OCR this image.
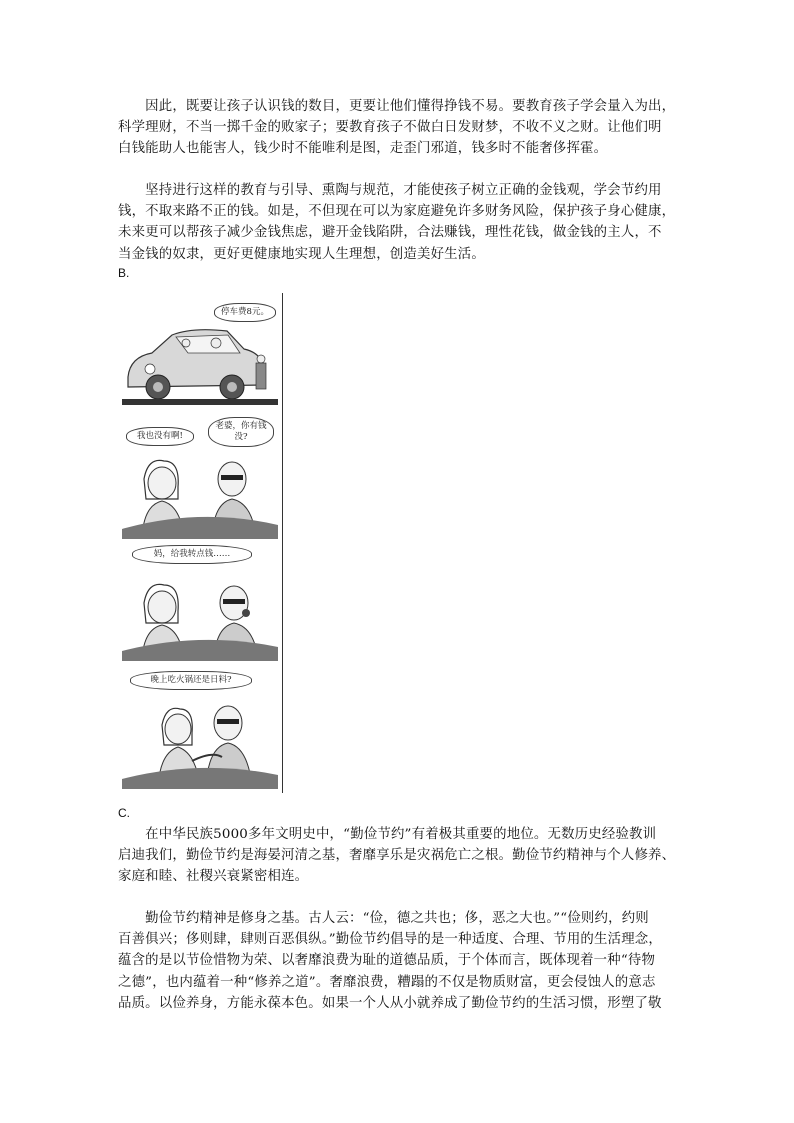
　　因此，既要让孩子认识钱的数目，更要让他们懂得挣钱不易。要教育孩子学会量入为出，
科学理财，不当一掷千金的败家子；要教育孩子不做白日发财梦，不收不义之财。让他们明
白钱能助人也能害人，钱少时不能唯利是图，走歪门邪道，钱多时不能奢侈挥霍。
　　坚持进行这样的教育与引导、熏陶与规范，才能使孩子树立正确的金钱观，学会节约用
钱，不取来路不正的钱。如是，不但现在可以为家庭避免许多财务风险，保护孩子身心健康，
未来更可以帮孩子减少金钱焦虑，避开金钱陷阱，合法赚钱，理性花钱，做金钱的主人，不
当金钱的奴隶，更好更健康地实现人生理想，创造美好生活。
B.
停车费8元。
我也没有啊!
老婆，你有钱没?
妈，给我转点钱……
晚上吃火锅还是日料?
C.
　　在中华民族5000多年文明史中，“勤俭节约”有着极其重要的地位。无数历史经验教训
启迪我们，勤俭节约是海晏河清之基，奢靡享乐是灾祸危亡之根。勤俭节约精神与个人修养、
家庭和睦、社稷兴衰紧密相连。
　　勤俭节约精神是修身之基。古人云：“俭，德之共也；侈，恶之大也。”“俭则约，约则
百善俱兴；侈则肆，肆则百恶俱纵。”勤俭节约倡导的是一种适度、合理、节用的生活理念，
蕴含的是以节俭惜物为荣、以奢靡浪费为耻的道德品质，于个体而言，既体现着一种“待物
之德”，也内蕴着一种“修养之道”。奢靡浪费，糟蹋的不仅是物质财富，更会侵蚀人的意志
品质。以俭养身，方能永葆本色。如果一个人从小就养成了勤俭节约的生活习惯，形塑了敬
